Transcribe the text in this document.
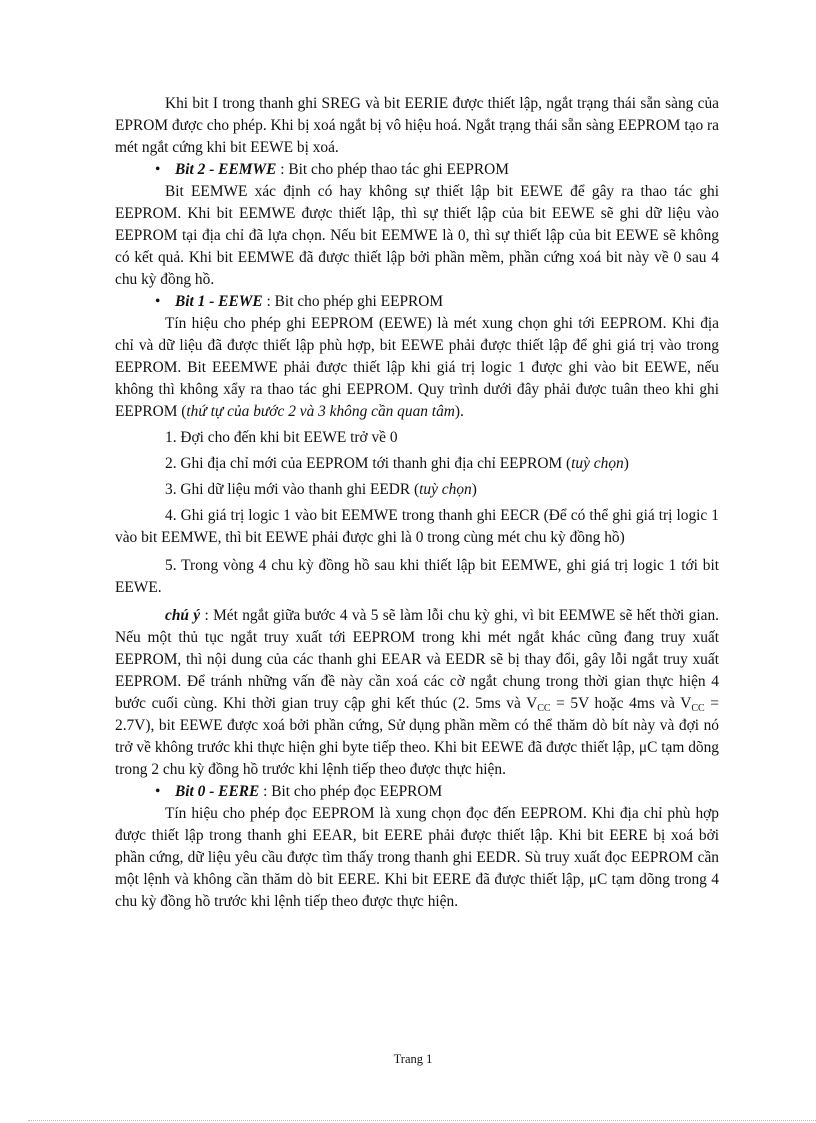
Khi bit I trong thanh ghi SREG và bit EERIE được thiết lập, ngắt trạng thái sẵn sàng của EPROM được cho phép. Khi bị xoá ngắt bị vô hiệu hoá. Ngắt trạng thái sẵn sàng EEPROM tạo ra mét ngắt cứng khi bit EEWE bị xoá.

• Bit 2 - EEMWE : Bit cho phép thao tác ghi EEPROM

Bit EEMWE xác định có hay không sự thiết lập bit EEWE để gây ra thao tác ghi EEPROM. Khi bit EEMWE được thiết lập, thì sự thiết lập của bit EEWE sẽ ghi dữ liệu vào EEPROM tại địa chỉ đã lựa chọn. Nếu bit EEMWE là 0, thì sự thiết lập của bit EEWE sẽ không có kết quả. Khi bit EEMWE đã được thiết lập bởi phần mềm, phần cứng xoá bit này về 0 sau 4 chu kỳ đồng hồ.

• Bit 1 - EEWE : Bit cho phép ghi EEPROM

Tín hiệu cho phép ghi EEPROM (EEWE) là mét xung chọn ghi tới EEPROM. Khi địa chỉ và dữ liệu đã được thiết lập phù hợp, bit EEWE phải được thiết lập để ghi giá trị vào trong EEPROM. Bit EEEMWE phải được thiết lập khi giá trị logic 1 được ghi vào bit EEWE, nếu không thì không xẩy ra thao tác ghi EEPROM. Quy trình dưới đây phải được tuân theo khi ghi EEPROM (thứ tự của bước 2 và 3 không cần quan tâm).

1. Đợi cho đến khi bit EEWE trở về 0

2. Ghi địa chỉ mới của EEPROM tới thanh ghi địa chỉ EEPROM (tuỳ chọn)

3. Ghi dữ liệu mới vào thanh ghi EEDR (tuỳ chọn)

4. Ghi giá trị logic 1 vào bit EEMWE trong thanh ghi EECR (Để có thể ghi giá trị logic 1 vào bit EEMWE, thì bit EEWE phải được ghi là 0 trong cùng mét chu kỳ đồng hồ)

5. Trong vòng 4 chu kỳ đồng hồ sau khi thiết lập bit EEMWE, ghi giá trị logic 1 tới bit EEWE.

chú ý : Mét ngắt giữa bước 4 và 5 sẽ làm lỗi chu kỳ ghi, vì bit EEMWE sẽ hết thời gian. Nếu một thủ tục ngắt truy xuất tới EEPROM trong khi mét ngắt khác cũng đang truy xuất EEPROM, thì nội dung của các thanh ghi EEAR và EEDR sẽ bị thay đổi, gây lỗi ngắt truy xuất EEPROM. Để tránh những vấn đề này cần xoá các cờ ngắt chung trong thời gian thực hiện 4 bước cuối cùng. Khi thời gian truy cập ghi kết thúc (2. 5ms và $V_{CC} = 5V$ hoặc 4ms và $V_{CC} = 2.7V$), bit EEWE được xoá bởi phần cứng, Sử dụng phần mềm có thể thăm dò bít này và đợi nó trở về không trước khi thực hiện ghi byte tiếp theo. Khi bit EEWE đã được thiết lập, μC tạm dõng trong 2 chu kỳ đồng hồ trước khi lệnh tiếp theo được thực hiện.

• Bit 0 - EERE : Bit cho phép đọc EEPROM

Tín hiệu cho phép đọc EEPROM là xung chọn đọc đến EEPROM. Khi địa chỉ phù hợp được thiết lập trong thanh ghi EEAR, bit EERE phải được thiết lập. Khi bit EERE bị xoá bởi phần cứng, dữ liệu yêu cầu được tìm thấy trong thanh ghi EEDR. Sù truy xuất đọc EEPROM cần một lệnh và không cần thăm dò bit EERE. Khi bit EERE đã được thiết lập, μC tạm dõng trong 4 chu kỳ đồng hồ trước khi lệnh tiếp theo được thực hiện.

Trang 1
